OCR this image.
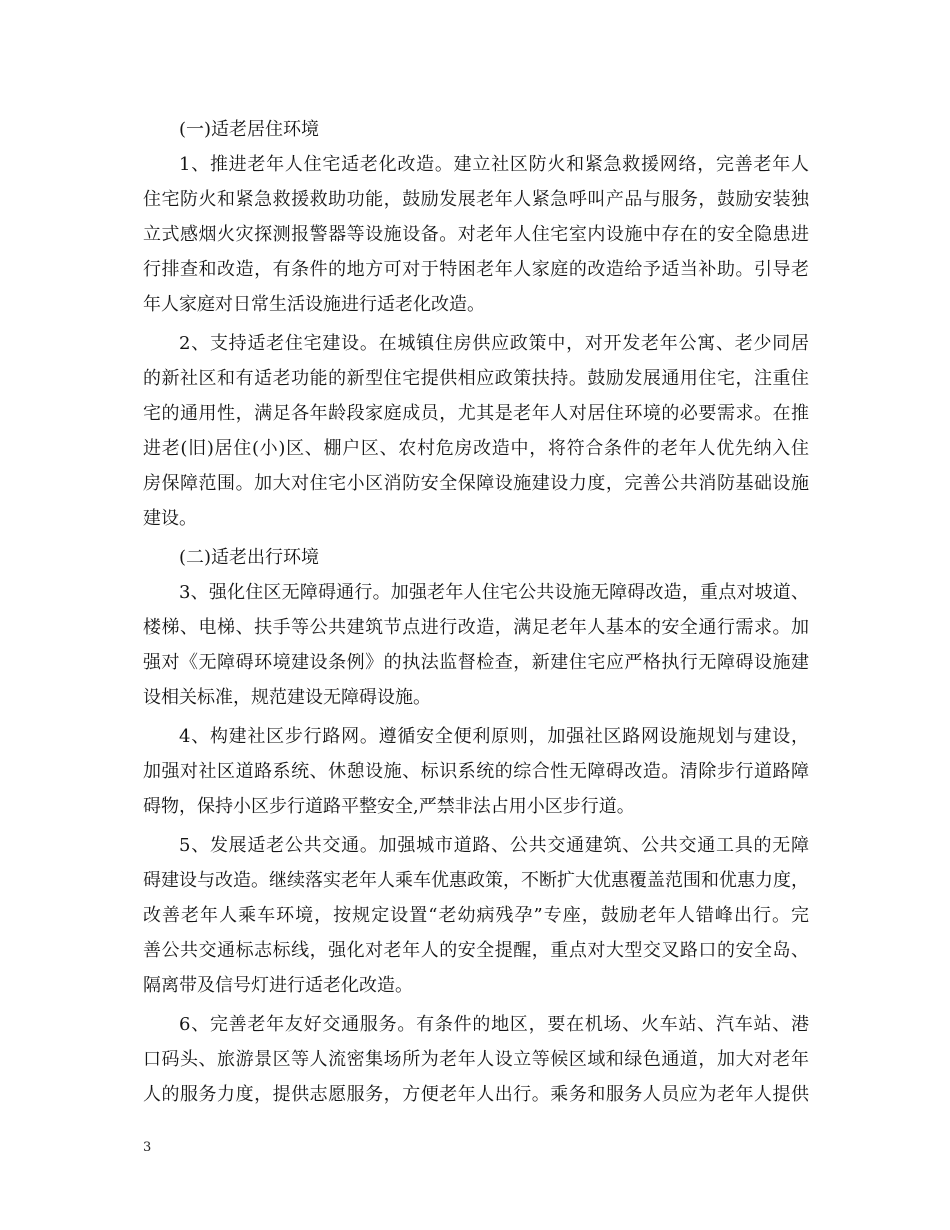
(一)适老居住环境
1、推进老年人住宅适老化改造。建立社区防火和紧急救援网络，完善老年人
住宅防火和紧急救援救助功能，鼓励发展老年人紧急呼叫产品与服务，鼓励安装独
立式感烟火灾探测报警器等设施设备。对老年人住宅室内设施中存在的安全隐患进
行排查和改造，有条件的地方可对于特困老年人家庭的改造给予适当补助。引导老
年人家庭对日常生活设施进行适老化改造。
2、支持适老住宅建设。在城镇住房供应政策中，对开发老年公寓、老少同居
的新社区和有适老功能的新型住宅提供相应政策扶持。鼓励发展通用住宅，注重住
宅的通用性，满足各年龄段家庭成员，尤其是老年人对居住环境的必要需求。在推
进老(旧)居住(小)区、棚户区、农村危房改造中，将符合条件的老年人优先纳入住
房保障范围。加大对住宅小区消防安全保障设施建设力度，完善公共消防基础设施
建设。
(二)适老出行环境
3、强化住区无障碍通行。加强老年人住宅公共设施无障碍改造，重点对坡道、
楼梯、电梯、扶手等公共建筑节点进行改造，满足老年人基本的安全通行需求。加
强对《无障碍环境建设条例》的执法监督检查，新建住宅应严格执行无障碍设施建
设相关标准，规范建设无障碍设施。
4、构建社区步行路网。遵循安全便利原则，加强社区路网设施规划与建设，
加强对社区道路系统、休憩设施、标识系统的综合性无障碍改造。清除步行道路障
碍物，保持小区步行道路平整安全,严禁非法占用小区步行道。
5、发展适老公共交通。加强城市道路、公共交通建筑、公共交通工具的无障
碍建设与改造。继续落实老年人乘车优惠政策，不断扩大优惠覆盖范围和优惠力度，
改善老年人乘车环境，按规定设置“老幼病残孕”专座，鼓励老年人错峰出行。完
善公共交通标志标线，强化对老年人的安全提醒，重点对大型交叉路口的安全岛、
隔离带及信号灯进行适老化改造。
6、完善老年友好交通服务。有条件的地区，要在机场、火车站、汽车站、港
口码头、旅游景区等人流密集场所为老年人设立等候区域和绿色通道，加大对老年
人的服务力度，提供志愿服务，方便老年人出行。乘务和服务人员应为老年人提供
3
